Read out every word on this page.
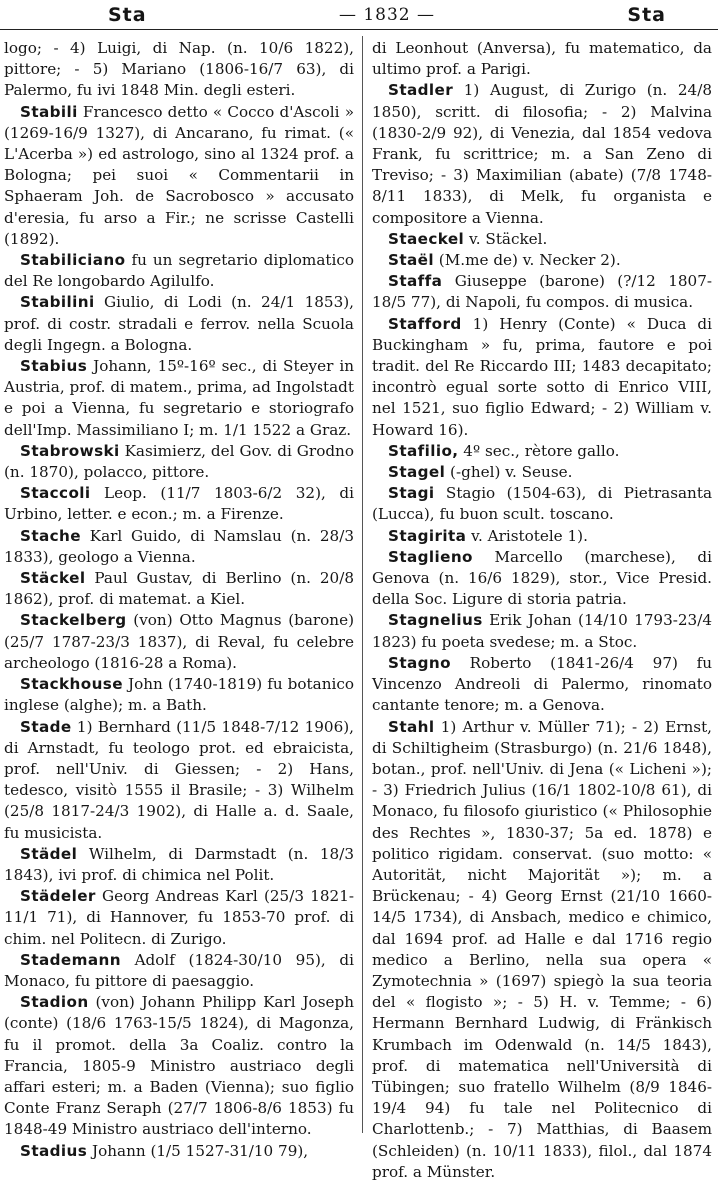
Sta	— 1832 —	Sta
logo; - 4) Luigi, di Nap. (n. 10/6 1822), pittore; - 5) Mariano (1806-16/7 63), di Palermo, fu ivi 1848 Min. degli esteri.
Stabili Francesco detto « Cocco d'Ascoli » (1269-16/9 1327), di Ancarano, fu rimat. (« L'Acerba ») ed astrologo, sino al 1324 prof. a Bologna; pei suoi « Commentarii in Sphaeram Joh. de Sacrobosco » accusato d'eresia, fu arso a Fir.; ne scrisse Castelli (1892).
Stabiliciano fu un segretario diplomatico del Re longobardo Agilulfo.
Stabilini Giulio, di Lodi (n. 24/1 1853), prof. di costr. stradali e ferrov. nella Scuola degli Ingegn. a Bologna.
Stabius Johann, 15º-16º sec., di Steyer in Austria, prof. di matem., prima, ad Ingolstadt e poi a Vienna, fu segretario e storiografo dell'Imp. Massimiliano I; m. 1/1 1522 a Graz.
Stabrowski Kasimierz, del Gov. di Grodno (n. 1870), polacco, pittore.
Staccoli Leop. (11/7 1803-6/2 32), di Urbino, letter. e econ.; m. a Firenze.
Stache Karl Guido, di Namslau (n. 28/3 1833), geologo a Vienna.
Stäckel Paul Gustav, di Berlino (n. 20/8 1862), prof. di matemat. a Kiel.
Stackelberg (von) Otto Magnus (barone) (25/7 1787-23/3 1837), di Reval, fu celebre archeologo (1816-28 a Roma).
Stackhouse John (1740-1819) fu botanico inglese (alghe); m. a Bath.
Stade 1) Bernhard (11/5 1848-7/12 1906), di Arnstadt, fu teologo prot. ed ebraicista, prof. nell'Univ. di Giessen; - 2) Hans, tedesco, visitò 1555 il Brasile; - 3) Wilhelm (25/8 1817-24/3 1902), di Halle a. d. Saale, fu musicista.
Städel Wilhelm, di Darmstadt (n. 18/3 1843), ivi prof. di chimica nel Polit.
Städeler Georg Andreas Karl (25/3 1821-11/1 71), di Hannover, fu 1853-70 prof. di chim. nel Politecn. di Zurigo.
Stademann Adolf (1824-30/10 95), di Monaco, fu pittore di paesaggio.
Stadion (von) Johann Philipp Karl Joseph (conte) (18/6 1763-15/5 1824), di Magonza, fu il promot. della 3a Coaliz. contro la Francia, 1805-9 Ministro austriaco degli affari esteri; m. a Baden (Vienna); suo figlio Conte Franz Seraph (27/7 1806-8/6 1853) fu 1848-49 Ministro austriaco dell'interno.
Stadius Johann (1/5 1527-31/10 79),
di Leonhout (Anversa), fu matematico, da ultimo prof. a Parigi.
Stadler 1) August, di Zurigo (n. 24/8 1850), scritt. di filosofia; - 2) Malvina (1830-2/9 92), di Venezia, dal 1854 vedova Frank, fu scrittrice; m. a San Zeno di Treviso; - 3) Maximilian (abate) (7/8 1748-8/11 1833), di Melk, fu organista e compositore a Vienna.
Staeckel v. Stäckel.
Staël (M.me de) v. Necker 2).
Staffa Giuseppe (barone) (?/12 1807-18/5 77), di Napoli, fu compos. di musica.
Stafford 1) Henry (Conte) « Duca di Buckingham » fu, prima, fautore e poi tradit. del Re Riccardo III; 1483 decapitato; incontrò egual sorte sotto di Enrico VIII, nel 1521, suo figlio Edward; - 2) William v. Howard 16).
Stafilio, 4º sec., rètore gallo.
Stagel (-ghel) v. Seuse.
Stagi Stagio (1504-63), di Pietrasanta (Lucca), fu buon scult. toscano.
Stagirita v. Aristotele 1).
Staglieno Marcello (marchese), di Genova (n. 16/6 1829), stor., Vice Presid. della Soc. Ligure di storia patria.
Stagnelius Erik Johan (14/10 1793-23/4 1823) fu poeta svedese; m. a Stoc.
Stagno Roberto (1841-26/4 97) fu Vincenzo Andreoli di Palermo, rinomato cantante tenore; m. a Genova.
Stahl 1) Arthur v. Müller 71); - 2) Ernst, di Schiltigheim (Strasburgo) (n. 21/6 1848), botan., prof. nell'Univ. di Jena (« Licheni »); - 3) Friedrich Julius (16/1 1802-10/8 61), di Monaco, fu filosofo giuristico (« Philosophie des Rechtes », 1830-37; 5a ed. 1878) e politico rigidam. conservat. (suo motto: « Autorität, nicht Majorität »); m. a Brückenau; - 4) Georg Ernst (21/10 1660-14/5 1734), di Ansbach, medico e chimico, dal 1694 prof. ad Halle e dal 1716 regio medico a Berlino, nella sua opera « Zymotechnia » (1697) spiegò la sua teoria del « flogisto »; - 5) H. v. Temme; - 6) Hermann Bernhard Ludwig, di Fränkisch Krumbach im Odenwald (n. 14/5 1843), prof. di matematica nell'Università di Tübingen; suo fratello Wilhelm (8/9 1846-19/4 94) fu tale nel Politecnico di Charlottenb.; - 7) Matthias, di Baasem (Schleiden) (n. 10/11 1833), filol., dal 1874 prof. a Münster.
